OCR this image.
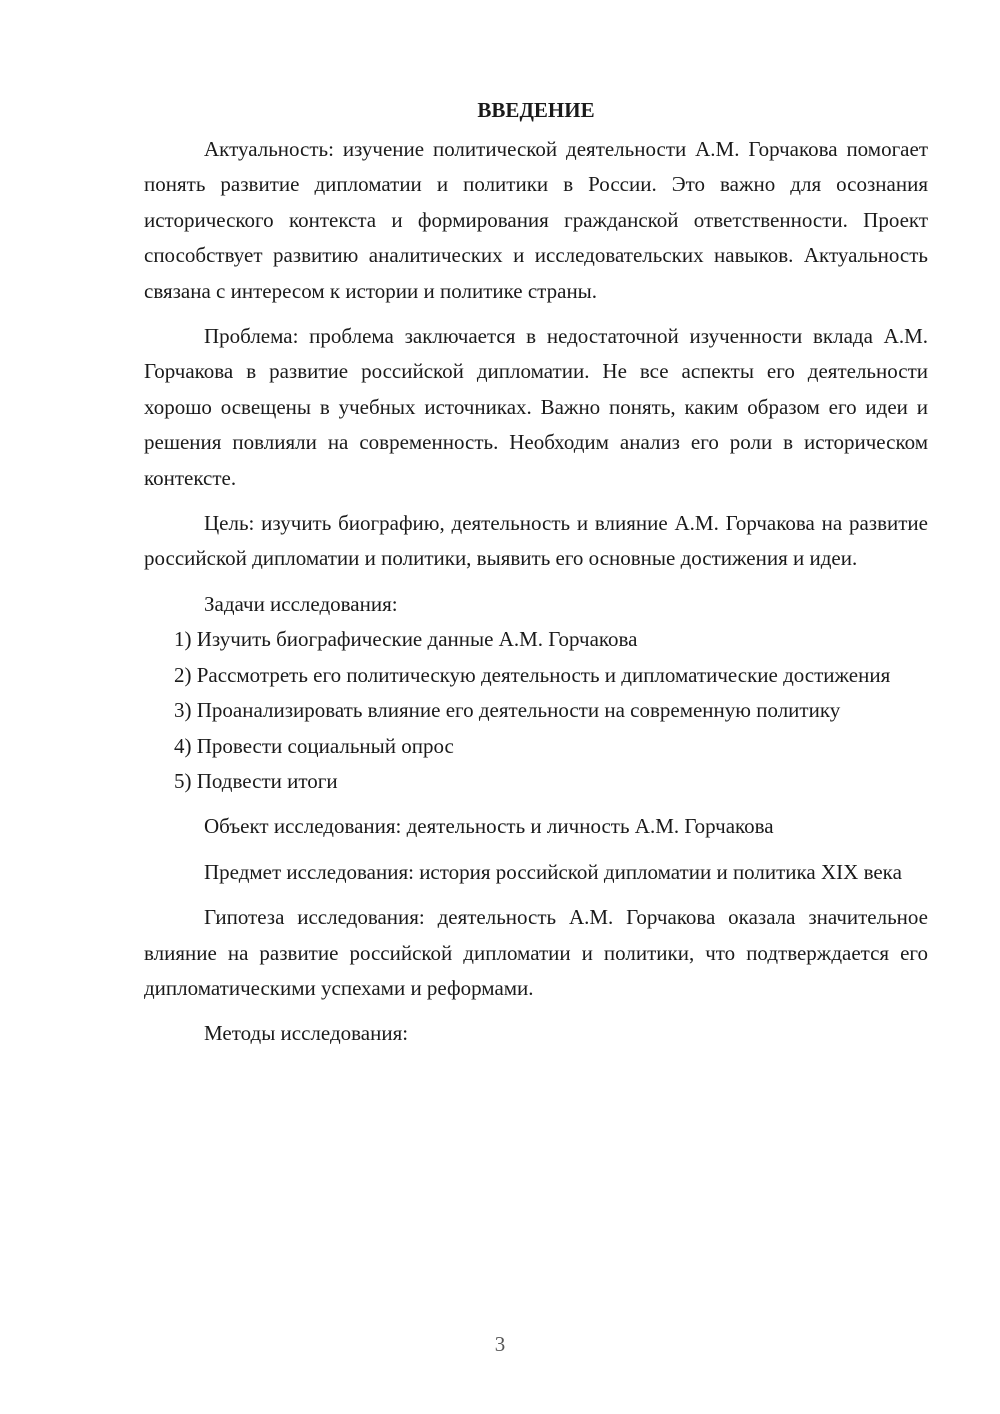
ВВЕДЕНИЕ

Актуальность: изучение политической деятельности А.М. Горчакова помогает понять развитие дипломатии и политики в России. Это важно для осознания исторического контекста и формирования гражданской ответственности. Проект способствует развитию аналитических и исследовательских навыков. Актуальность связана с интересом к истории и политике страны.

Проблема: проблема заключается в недостаточной изученности вклада А.М. Горчакова в развитие российской дипломатии. Не все аспекты его деятельности хорошо освещены в учебных источниках. Важно понять, каким образом его идеи и решения повлияли на современность. Необходим анализ его роли в историческом контексте.

Цель: изучить биографию, деятельность и влияние А.М. Горчакова на развитие российской дипломатии и политики, выявить его основные достижения и идеи.

Задачи исследования:

1) Изучить биографические данные А.М. Горчакова

2) Рассмотреть его политическую деятельность и дипломатические достижения

3) Проанализировать влияние его деятельности на современную политику

4) Провести социальный опрос

5) Подвести итоги

Объект исследования: деятельность и личность А.М. Горчакова

Предмет исследования: история российской дипломатии и политика XIX века

Гипотеза исследования: деятельность А.М. Горчакова оказала значительное влияние на развитие российской дипломатии и политики, что подтверждается его дипломатическими успехами и реформами.

Методы исследования:

3
